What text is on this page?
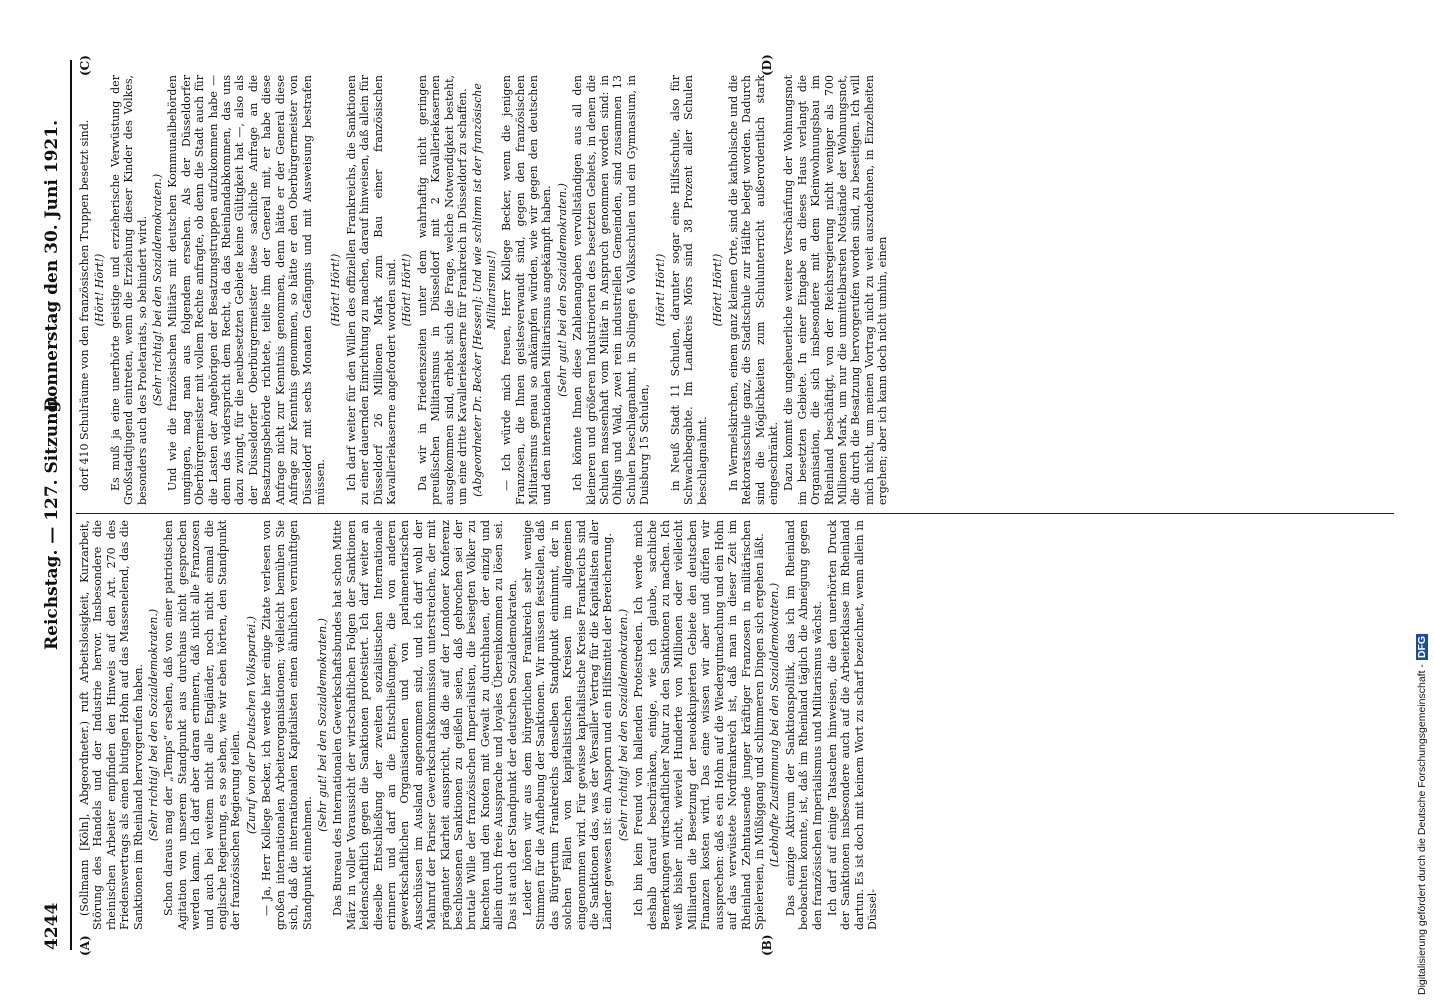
4244
Reichstag. — 127. Sitzung.
Donnerstag den 30. Juni 1921.
(A)	(B)
(C)	(D)

(Sollmann [Köln], Abgeordneter.) ruft Arbeitslosigkeit, Kurzarbeit, Störung des Handels und der Industrie hervor. Insbesondere die rheinischen Arbeiter empfinden den Hinweis auf den Art. 270 des Friedensvertrags als einen blutigen Hohn auf das Massenelend, das die Sanktionen im Rheinland hervorgerufen haben. (Sehr richtig! bei den Sozialdemokraten.) Schon daraus mag der „Temps“ ersehen, daß von einer patriotischen Agitation von unserem Standpunkt aus durchaus nicht gesprochen werden kann. Ich darf aber daran erinnern, daß nicht alle Franzosen und auch bei weitem nicht alle Engländer, noch nicht einmal die englische Regierung, es so sehen, wie wir eben hörten, den Standpunkt der französischen Regierung teilen. (Zuruf von der Deutschen Volkspartei.) — Ja, Herr Kollege Becker, ich werde hier einige Zitate verlesen von großen internationalen Arbeiterorganisationen; vielleicht bemühen Sie sich, daß die internationalen Kapitalisten einen ähnlichen vernünftigen Standpunkt einnehmen.

(Sehr gut! bei den Sozialdemokraten.) Das Bureau des Internationalen Gewerkschaftsbundes hat schon Mitte März in voller Voraussicht der wirtschaftlichen Folgen der Sanktionen leidenschaftlich gegen die Sanktionen protestiert. Ich darf weiter an dieselbe Entschließung der zweiten sozialistischen Internationale erinnern und darf an die Entschließungen, die von anderen gewerkschaftlichen Organisationen und von parlamentarischen Ausschüssen im Ausland angenommen sind, und ich darf wohl der Mahnruf der Pariser Gewerkschaftskommission unterstreichen, der mit prägnanter Klarheit ausspricht, daß die auf der Londoner Konferenz beschlossenen Sanktionen zu geißeln seien, daß gebrochen sei der brutale Wille der französischen Imperialisten, die besiegten Völker zu knechten und den Knoten mit Gewalt zu durchhauen, der einzig und allein durch freie Aussprache und loyales Übereinkommen zu lösen sei. Das ist auch der Standpunkt der deutschen Sozialdemokraten. Leider hören wir aus dem bürgerlichen Frankreich sehr wenige Stimmen für die Aufhebung der Sanktionen. Wir müssen feststellen, daß das Bürgertum Frankreichs denselben Standpunkt einnimmt, der in solchen Fällen von kapitalistischen Kreisen im allgemeinen eingenommen wird. Für gewisse kapitalistische Kreise Frankreichs sind die Sanktionen das, was der Versailler Vertrag für die Kapitalisten aller Länder gewesen ist: ein Ansporn und ein Hilfsmittel der Bereicherung. (Sehr richtig! bei den Sozialdemokraten.) Ich bin kein Freund von hallenden Protestreden. Ich werde mich deshalb darauf beschränken, einige, wie ich glaube, sachliche Bemerkungen wirtschaftlicher Natur zu den Sanktionen zu machen. Ich weiß bisher nicht, wieviel Hunderte von Millionen oder vielleicht Milliarden die Besetzung der neuokkupierten Gebiete den deutschen Finanzen kosten wird. Das eine wissen wir aber und dürfen wir aussprechen: daß es ein Hohn auf die Wiedergutmachung und ein Hohn auf das verwüstete Nordfrankreich ist, daß man in dieser Zeit im Rheinland Zehntausende junger kräftiger Franzosen in militärischen Spielereien, in Müßiggang und schlimmeren Dingen sich ergehen läßt. (Lebhafte Zustimmung bei den Sozialdemokraten.) Das einzige Aktivum der Sanktionspolitik, das ich im Rheinland beobachten konnte, ist, daß im Rheinland täglich die Abneigung gegen den französischen Imperialismus und Militarismus wächst. Ich darf auf einige Tatsachen hinweisen, die den unerhörten Druck der Sanktionen insbesondere auch auf die Arbeiterklasse im Rheinland dartun. Es ist doch mit keinem Wort zu scharf bezeichnet, wenn allein in Düssel-

dorf 410 Schulräume von den französischen Truppen besetzt sind. (Hört! Hört!) Es muß ja eine unerhörte geistige und erzieherische Verwüstung der Großstadtjugend eintreten, wenn die Erziehung dieser Kinder des Volkes, besonders auch des Proletariats, so behindert wird. (Sehr richtig! bei den Sozialdemokraten.) Und wie die französischen Militärs mit deutschen Kommunalbehörden umgingen, mag man aus folgendem ersehen. Als der Düsseldorfer Oberbürgermeister mit vollem Rechte anfragte, ob denn die Stadt auch für die Lasten der Angehörigen der Besatzungstruppen aufzukommen habe — denn das widerspricht dem Recht, da das Rheinlandabkommen, das uns dazu zwingt, für die neubesetzten Gebiete keine Gültigkeit hat —, also als der Düsseldorfer Oberbürgermeister diese sachliche Anfrage an die Besatzungsbehörde richtete, teilte ihm der General mit, er habe diese Anfrage nicht zur Kenntnis genommen, denn hätte er der General diese Anfrage zur Kenntnis genommen, so hätte er den Oberbürgermeister von Düsseldorf mit sechs Monaten Gefängnis und mit Ausweisung bestrafen müssen.

(Hört! Hört!) Ich darf weiter für den Willen des offiziellen Frankreichs, die Sanktionen zu einer dauernden Einrichtung zu machen, darauf hinweisen, daß allein für Düsseldorf 26 Millionen Mark zum Bau einer französischen Kavalleriekaserne angefordert worden sind. (Hört! Hört!) Da wir in Friedenszeiten unter dem wahrhaftig nicht geringen preußischen Militarismus in Düsseldorf mit 2 Kavalleriekasernen ausgekommen sind, erhebt sich die Frage, welche Notwendigkeit besteht, um eine dritte Kavalleriekaserne für Frankreich in Düsseldorf zu schaffen. (Abgeordneter Dr. Becker [Hessen]: Und wie schlimm ist der französische Militarismus!) — Ich würde mich freuen, Herr Kollege Becker, wenn die jenigen Franzosen, die Ihnen geistesverwandt sind, gegen den französischen Militarismus genau so ankämpfen würden, wie wir gegen den deutschen und den internationalen Militarismus angekämpft haben. (Sehr gut! bei den Sozialdemokraten.) Ich könnte Ihnen diese Zahlenangaben vervollständigen aus all den kleineren und größeren Industrieorten des besetzten Gebiets, in denen die Schulen massenhaft vom Militär in Anspruch genommen worden sind: in Ohligs und Wald, zwei rein industriellen Gemeinden, sind zusammen 13 Schulen beschlagnahmt, in Solingen 6 Volksschulen und ein Gymnasium, in Duisburg 15 Schulen,

(Hört! Hört!) in Neuß Stadt 11 Schulen, darunter sogar eine Hilfsschule, also für Schwachbegabte. Im Landkreis Mörs sind 38 Prozent aller Schulen beschlagnahmt.

(Hört! Hört!) In Wermelskirchen, einem ganz kleinen Orte, sind die katholische und die Rektoratsschule ganz, die Stadtschule zur Hälfte belegt worden. Dadurch sind die Möglichkeiten zum Schulunterricht außerordentlich stark eingeschränkt. Dazu kommt die ungeheuerliche weitere Verschärfung der Wohnungsnot im besetzten Gebiete. In einer Eingabe an dieses Haus verlangt die Organisation, die sich insbesondere mit dem Kleinwohnungsbau im Rheinland beschäftigt, von der Reichsregierung nicht weniger als 700 Millionen Mark, um nur die unmittelbarsten Notstände der Wohnungsnot, die durch die Besatzung hervorgerufen worden sind, zu beseitigen. Ich will mich nicht, um meinen Vortrag nicht zu weit auszudehnen, in Einzelheiten ergehen; aber ich kann doch nicht umhin, einen

Digitalisierung gefördert durch die Deutsche Forschungsgemeinschaft -DFG
